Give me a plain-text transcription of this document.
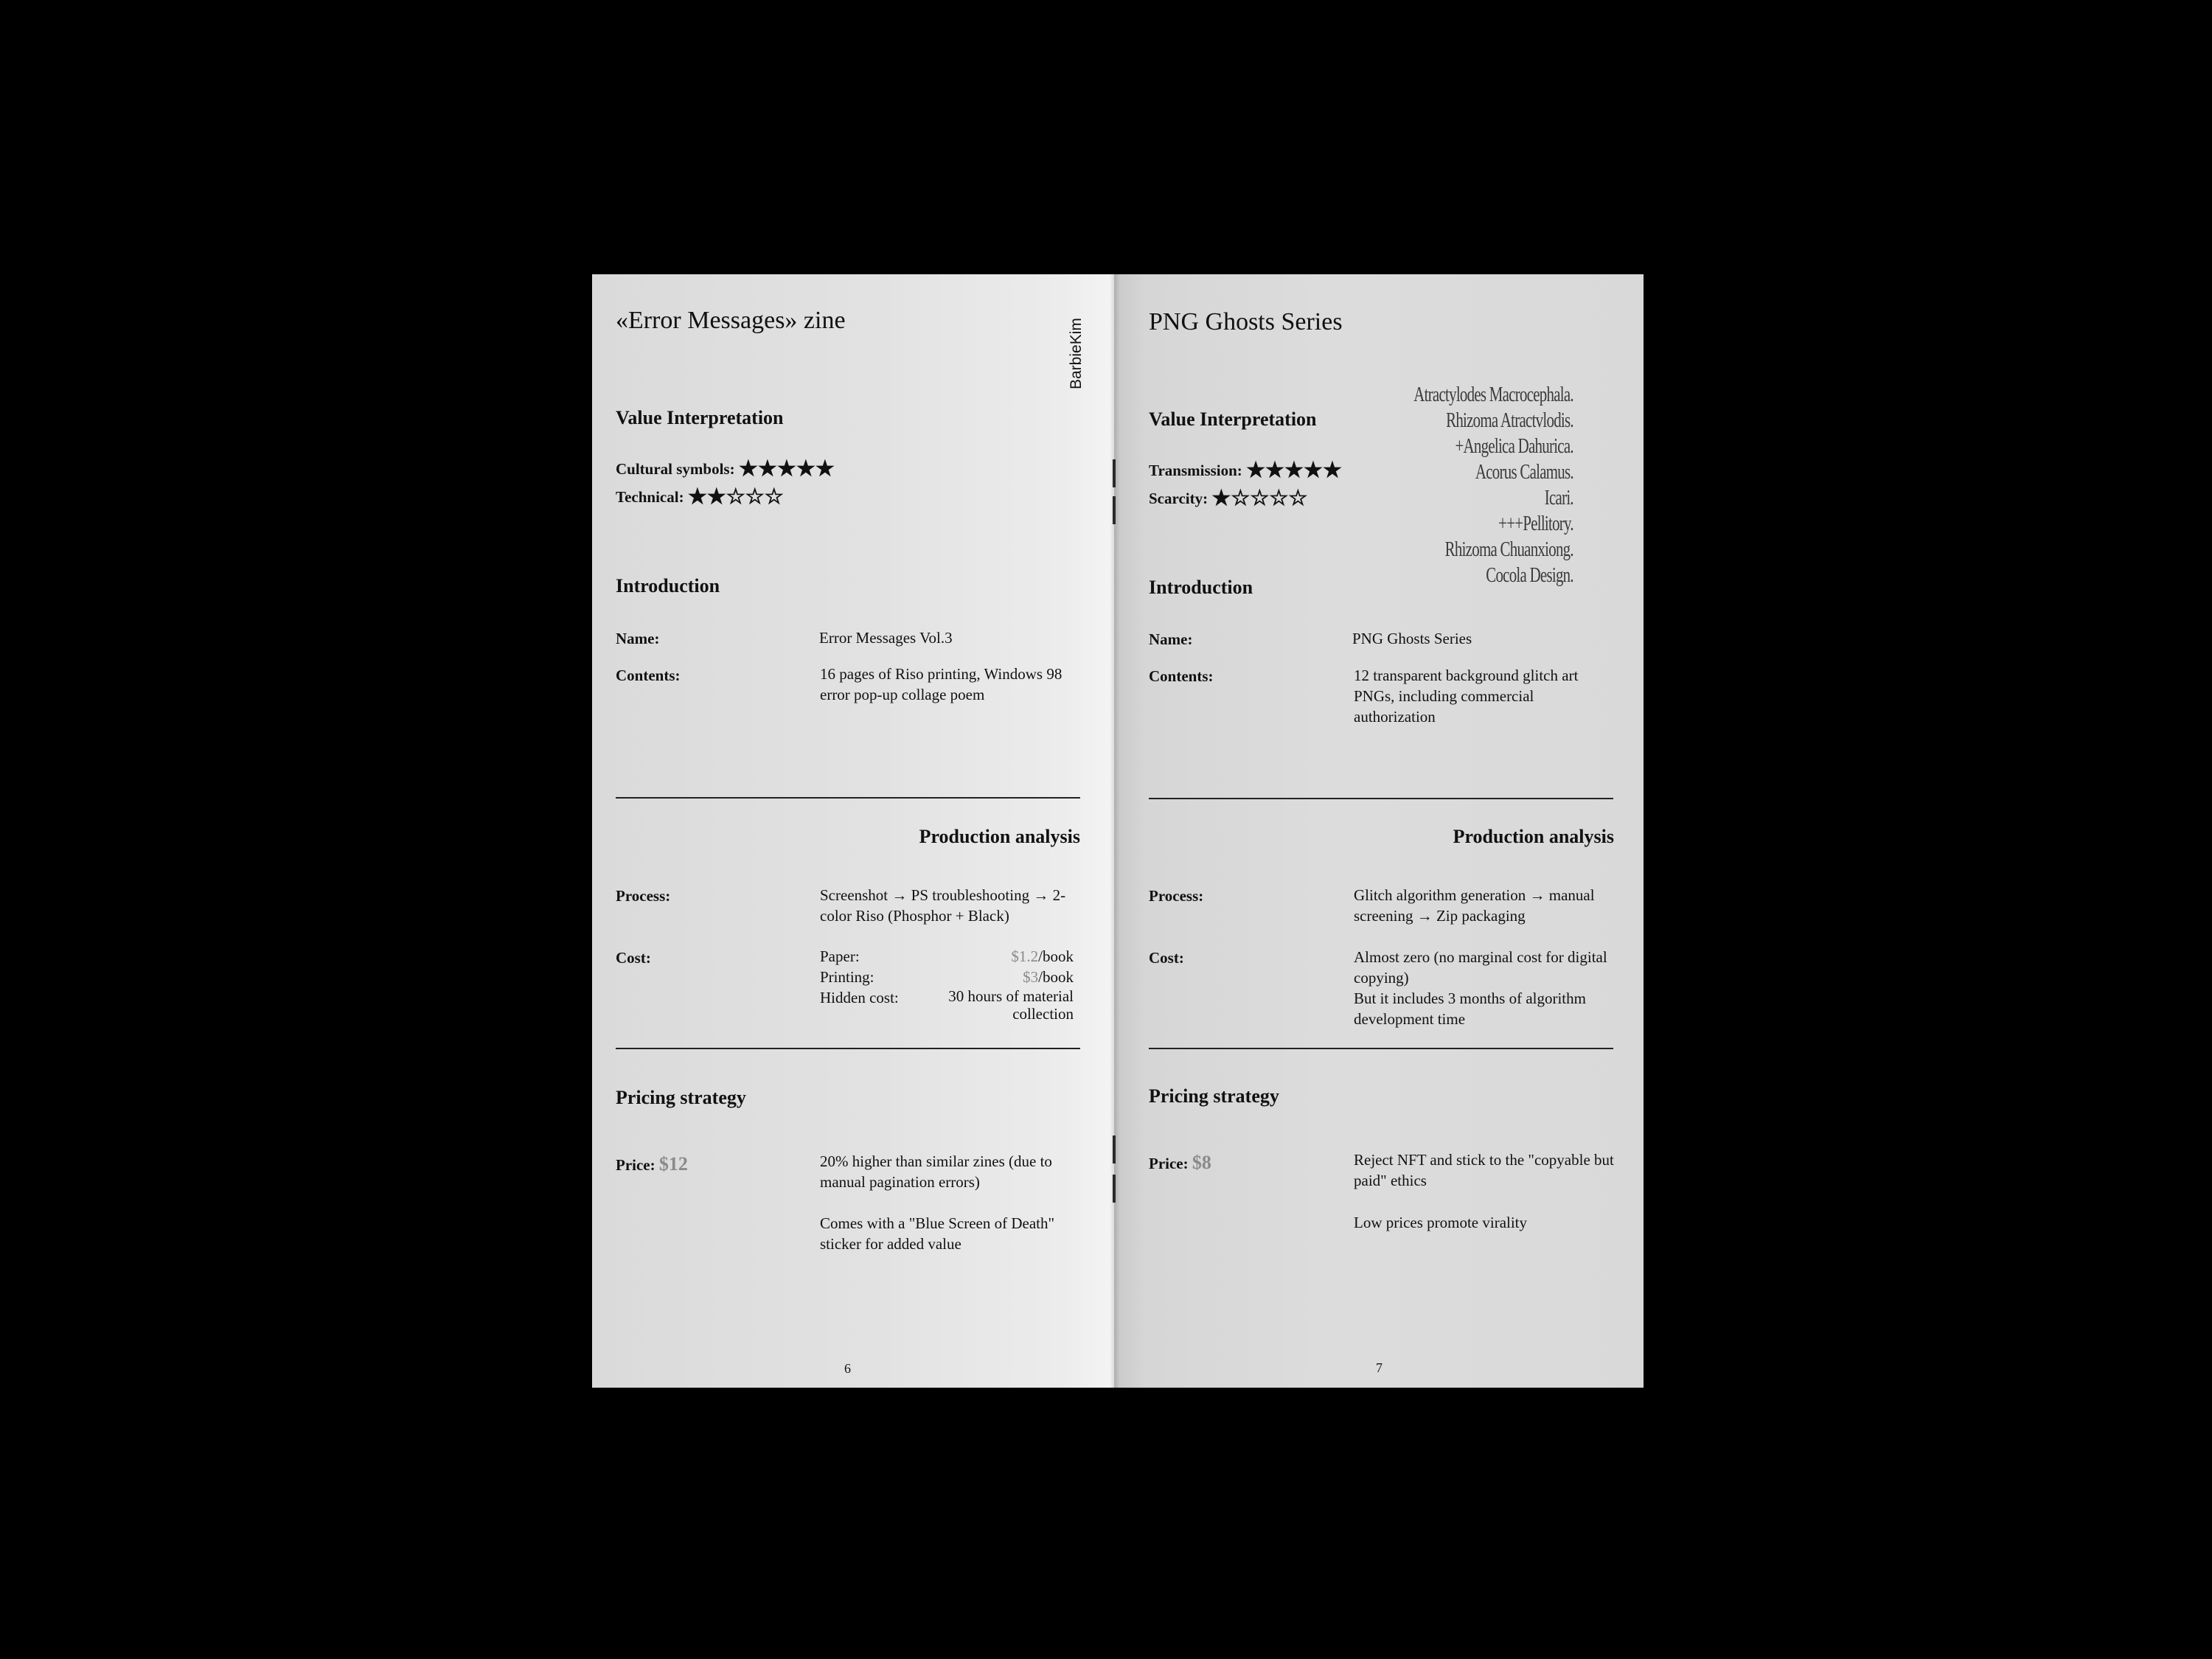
«Error Messages» zine	BarbieKim
Value Interpretation
Cultural symbols: ★★★★★
Technical: ★★☆☆☆
Introduction
Name:	Error Messages Vol.3
Contents:	16 pages of Riso printing, Windows 98 error pop-up collage poem
Production analysis
Process:	Screenshot → PS troubleshooting → 2-color Riso (Phosphor + Black)
Cost:	Paper:	$1.2/book
Printing:	$3/book
Hidden cost:	30 hours of material collection
Pricing strategy
Price: $12	20% higher than similar zines (due to manual pagination errors)
Comes with a "Blue Screen of Death" sticker for added value
6
PNG Ghosts Series
Atractylodes Macrocephala.
Rhizoma Atractvlodis.
+Angelica Dahurica.
Acorus Calamus.
Icari.
+++Pellitory.
Rhizoma Chuanxiong.
Cocola Design.
Value Interpretation
Transmission: ★★★★★
Scarcity: ★☆☆☆☆
Introduction
Name:	PNG Ghosts Series
Contents:	12 transparent background glitch art PNGs, including commercial authorization
Production analysis
Process:	Glitch algorithm generation → manual screening → Zip packaging
Cost:	Almost zero (no marginal cost for digital copying)
But it includes 3 months of algorithm development time
Pricing strategy
Price: $8	Reject NFT and stick to the "copyable but paid" ethics
Low prices promote virality
7
